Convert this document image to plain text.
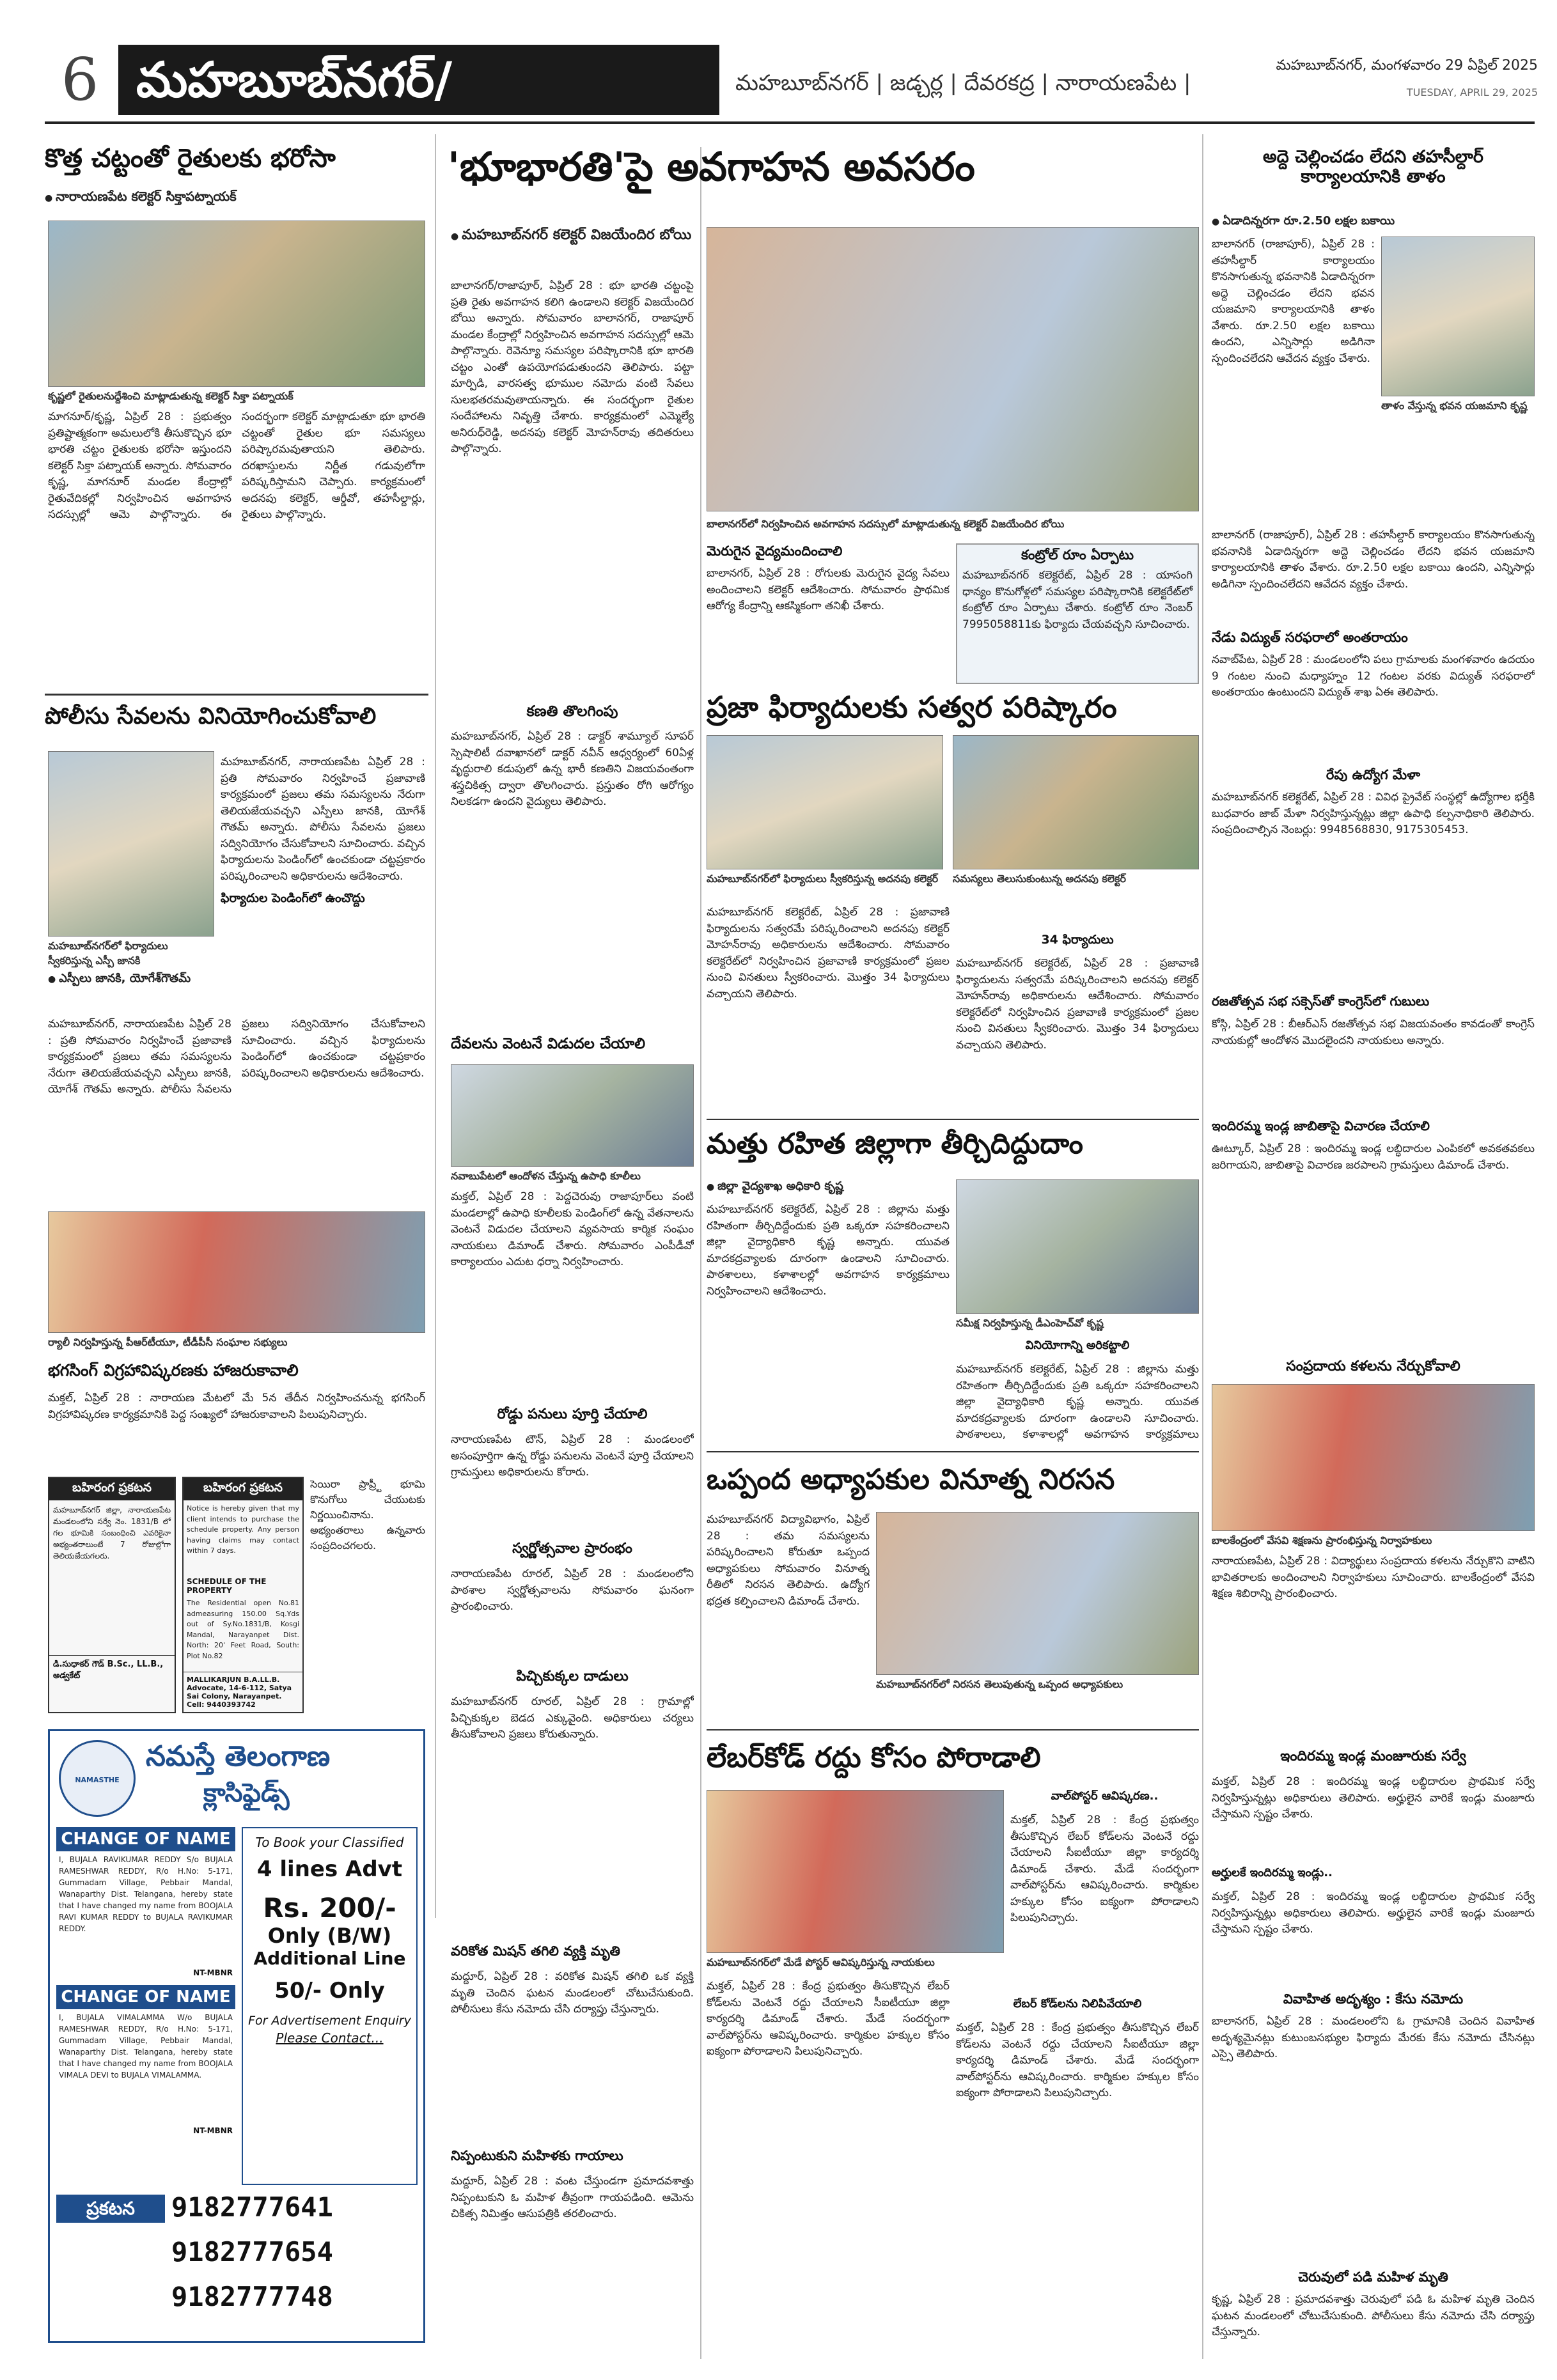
6 మహబూబ్‌నగర్/	మహబూబ్‌నగర్ | జడ్చర్ల | దేవరకద్ర | నారాయణపేట |
మహబూబ్‌నగర్, మంగళవారం 29 ఏప్రిల్ 2025
TUESDAY, APRIL 29, 2025
కొత్త చట్టంతో రైతులకు భరోసా
● నారాయణపేట కలెక్టర్ సిక్తాపట్నాయక్
కృష్ణలో రైతులనుద్దేశించి మాట్లాడుతున్న కలెక్టర్ సిక్తా పట్నాయక్
మాగనూర్/కృష్ణ, ఏప్రిల్ 28 : ప్రభుత్వం ప్రతిష్టాత్మకంగా అమలులోకి తీసుకొచ్చిన భూ భారతి చట్టం రైతులకు భరోసా ఇస్తుందని కలెక్టర్ సిక్తా పట్నాయక్ అన్నారు. సోమవారం కృష్ణ, మాగనూర్ మండల కేంద్రాల్లో రైతువేదికల్లో నిర్వహించిన అవగాహన సదస్సుల్లో ఆమె పాల్గొన్నారు. ఈ సందర్భంగా కలెక్టర్ మాట్లాడుతూ భూ భారతి చట్టంతో రైతుల భూ సమస్యలు పరిష్కారమవుతాయని తెలిపారు. దరఖాస్తులను నిర్ణీత గడువులోగా పరిష్కరిస్తామని చెప్పారు. కార్యక్రమంలో అదనపు కలెక్టర్, ఆర్డీవో, తహసీల్దార్లు, రైతులు పాల్గొన్నారు.
పోలీసు సేవలను వినియోగించుకోవాలి
మహబూబ్‌నగర్‌లో ఫిర్యాదులు స్వీకరిస్తున్న ఎస్పీ జానకి
● ఎస్పీలు జానకి, యోగేశ్‌గౌతమ్
ఫిర్యాదుల పెండింగ్‌లో ఉంచొద్దు
మహబూబ్‌నగర్, నారాయణపేట ఏప్రిల్ 28 : ప్రతి సోమవారం నిర్వహించే ప్రజావాణి కార్యక్రమంలో ప్రజలు తమ సమస్యలను నేరుగా తెలియజేయవచ్చని ఎస్పీలు జానకి, యోగేశ్ గౌతమ్ అన్నారు. పోలీసు సేవలను ప్రజలు సద్వినియోగం చేసుకోవాలని సూచించారు. వచ్చిన ఫిర్యాదులను పెండింగ్‌లో ఉంచకుండా చట్టప్రకారం పరిష్కరించాలని అధికారులను ఆదేశించారు.
మహబూబ్‌నగర్, నారాయణపేట ఏప్రిల్ 28 : ప్రతి సోమవారం నిర్వహించే ప్రజావాణి కార్యక్రమంలో ప్రజలు తమ సమస్యలను నేరుగా తెలియజేయవచ్చని ఎస్పీలు జానకి, యోగేశ్ గౌతమ్ అన్నారు. పోలీసు సేవలను ప్రజలు సద్వినియోగం చేసుకోవాలని సూచించారు. వచ్చిన ఫిర్యాదులను పెండింగ్‌లో ఉంచకుండా చట్టప్రకారం పరిష్కరించాలని అధికారులను ఆదేశించారు.
ర్యాలీ నిర్వహిస్తున్న పీఆర్‌టీయూ, టీడీపీసీ సంఘాల సభ్యులు
భగసింగ్ విగ్రహావిష్కరణకు హాజరుకావాలి
మక్తల్, ఏప్రిల్ 28 : నారాయణ మేటలో మే 5న తేదీన నిర్వహించనున్న భగసింగ్ విగ్రహావిష్కరణ కార్యక్రమానికి పెద్ద సంఖ్యలో హాజరుకావాలని పిలుపునిచ్చారు.
బహిరంగ ప్రకటన
మహబూబ్‌నగర్ జిల్లా, నారాయణపేట మండలంలోని సర్వే నెం. 1831/B లో గల భూమికి సంబంధించి ఎవరికైనా అభ్యంతరాలుంటే 7 రోజుల్లోగా తెలియజేయగలరు.
డి.సుధాకర్ గౌడ్ B.Sc., LL.B., అడ్వకేట్
బహిరంగ ప్రకటన
Notice is hereby given that my client intends to purchase the schedule property. Any person having claims may contact within 7 days.
SCHEDULE OF THE PROPERTY
The Residential open No.81 admeasuring 150.00 Sq.Yds out of Sy.No.1831/B, Kosgi Mandal, Narayanpet Dist. North: 20' Feet Road, South: Plot No.82
MALLIKARJUN B.A.LL.B. Advocate, 14-6-112, Satya Sai Colony, Narayanpet. Cell: 9440393742
సెయిరా ప్రాప్ర్టీ భూమి కొనుగోలు చేయుటకు నిర్ణయించినాను. అభ్యంతరాలు ఉన్నవారు సంప్రదించగలరు.
NAMASTHE
నమస్తే తెలంగాణ
క్లాసిఫైడ్స్
CHANGE OF NAME
I, BUJALA RAVIKUMAR REDDY S/o BUJALA RAMESHWAR REDDY, R/o H.No: 5-171, Gummadam Village, Pebbair Mandal, Wanaparthy Dist. Telangana, hereby state that I have changed my name from BOOJALA RAVI KUMAR REDDY to BUJALA RAVIKUMAR REDDY.
NT-MBNR
CHANGE OF NAME
I, BUJALA VIMALAMMA W/o BUJALA RAMESHWAR REDDY, R/o H.No: 5-171, Gummadam Village, Pebbair Mandal, Wanaparthy Dist. Telangana, hereby state that I have changed my name from BOOJALA VIMALA DEVI to BUJALA VIMALAMMA.
NT-MBNR
To Book your Classified
4 lines Advt
Rs. 200/-
Only (B/W)
Additional Line
50/- Only
For Advertisement Enquiry
Please Contact...
ప్రకటన	9182777641
9182777654
9182777748
'భూభారతి'పై అవగాహన అవసరం
● మహబూబ్‌నగర్ కలెక్టర్ విజయేందిర బోయి
బాలానగర్/రాజాపూర్, ఏప్రిల్ 28 : భూ భారతి చట్టంపై ప్రతి రైతు అవగాహన కలిగి ఉండాలని కలెక్టర్ విజయేందిర బోయి అన్నారు. సోమవారం బాలానగర్, రాజాపూర్ మండల కేంద్రాల్లో నిర్వహించిన అవగాహన సదస్సుల్లో ఆమె పాల్గొన్నారు. రెవెన్యూ సమస్యల పరిష్కారానికి భూ భారతి చట్టం ఎంతో ఉపయోగపడుతుందని తెలిపారు. పట్టా మార్పిడి, వారసత్వ భూముల నమోదు వంటి సేవలు సులభతరమవుతాయన్నారు. ఈ సందర్భంగా రైతుల సందేహాలను నివృత్తి చేశారు. కార్యక్రమంలో ఎమ్మెల్యే అనిరుధ్‌రెడ్డి, అదనపు కలెక్టర్ మోహన్‌రావు తదితరులు పాల్గొన్నారు.
బాలానగర్‌లో నిర్వహించిన అవగాహన సదస్సులో మాట్లాడుతున్న కలెక్టర్ విజయేందిర బోయి
కణతి తొలగింపు
మహబూబ్‌నగర్, ఏప్రిల్ 28 : డాక్టర్ శామ్యూల్ సూపర్ స్పెషాలిటీ దవాఖానలో డాక్టర్ నవీన్ ఆధ్వర్యంలో 60ఏళ్ల వృద్ధురాలి కడుపులో ఉన్న భారీ కణతిని విజయవంతంగా శస్త్రచికిత్స ద్వారా తొలగించారు. ప్రస్తుతం రోగి ఆరోగ్యం నిలకడగా ఉందని వైద్యులు తెలిపారు.
దేవలను వెంటనే విడుదల చేయాలి
నవాబుపేటలో ఆందోళన చేస్తున్న ఉపాధి కూలీలు
మక్తల్, ఏప్రిల్ 28 : పెద్దచెరువు రాజాపూర్‌లు వంటి మండలాల్లో ఉపాధి కూలీలకు పెండింగ్‌లో ఉన్న వేతనాలను వెంటనే విడుదల చేయాలని వ్యవసాయ కార్మిక సంఘం నాయకులు డిమాండ్ చేశారు. సోమవారం ఎంపీడీవో కార్యాలయం ఎదుట ధర్నా నిర్వహించారు.
రోడ్డు పనులు పూర్తి చేయాలి
నారాయణపేట టౌన్, ఏప్రిల్ 28 : మండలంలో అసంపూర్తిగా ఉన్న రోడ్డు పనులను వెంటనే పూర్తి చేయాలని గ్రామస్తులు అధికారులను కోరారు.
స్వర్ణోత్సవాల ప్రారంభం
నారాయణపేట రూరల్, ఏప్రిల్ 28 : మండలంలోని పాఠశాల స్వర్ణోత్సవాలను సోమవారం ఘనంగా ప్రారంభించారు.
పిచ్చికుక్కల దాడులు
మహబూబ్‌నగర్ రూరల్, ఏప్రిల్ 28 : గ్రామాల్లో పిచ్చికుక్కల బెడద ఎక్కువైంది. అధికారులు చర్యలు తీసుకోవాలని ప్రజలు కోరుతున్నారు.
వరికోత మిషన్ తగిలి వ్యక్తి మృతి
మద్దూర్, ఏప్రిల్ 28 : వరికోత మిషన్ తగిలి ఒక వ్యక్తి మృతి చెందిన ఘటన మండలంలో చోటుచేసుకుంది. పోలీసులు కేసు నమోదు చేసి దర్యాప్తు చేస్తున్నారు.
నిప్పంటుకుని మహిళకు గాయాలు
మద్దూర్, ఏప్రిల్ 28 : వంట చేస్తుండగా ప్రమాదవశాత్తు నిప్పంటుకుని ఓ మహిళ తీవ్రంగా గాయపడింది. ఆమెను చికిత్స నిమిత్తం ఆసుపత్రికి తరలించారు.
మెరుగైన వైద్యమందించాలి
బాలానగర్, ఏప్రిల్ 28 : రోగులకు మెరుగైన వైద్య సేవలు అందించాలని కలెక్టర్ ఆదేశించారు. సోమవారం ప్రాథమిక ఆరోగ్య కేంద్రాన్ని ఆకస్మికంగా తనిఖీ చేశారు.
కంట్రోల్ రూం ఏర్పాటు
మహబూబ్‌నగర్ కలెక్టరేట్, ఏప్రిల్ 28 : యాసంగి ధాన్యం కొనుగోళ్లలో సమస్యల పరిష్కారానికి కలెక్టరేట్‌లో కంట్రోల్ రూం ఏర్పాటు చేశారు. కంట్రోల్ రూం నెంబర్ 7995058811కు ఫిర్యాదు చేయవచ్చని సూచించారు.
ప్రజా ఫిర్యాదులకు సత్వర పరిష్కారం
మహబూబ్‌నగర్‌లో ఫిర్యాదులు స్వీకరిస్తున్న అదనపు కలెక్టర్	సమస్యలు తెలుసుకుంటున్న అదనపు కలెక్టర్
మహబూబ్‌నగర్ కలెక్టరేట్, ఏప్రిల్ 28 : ప్రజావాణి ఫిర్యాదులను సత్వరమే పరిష్కరించాలని అదనపు కలెక్టర్ మోహన్‌రావు అధికారులను ఆదేశించారు. సోమవారం కలెక్టరేట్‌లో నిర్వహించిన ప్రజావాణి కార్యక్రమంలో ప్రజల నుంచి వినతులు స్వీకరించారు. మొత్తం 34 ఫిర్యాదులు వచ్చాయని తెలిపారు.
34 ఫిర్యాదులు
మహబూబ్‌నగర్ కలెక్టరేట్, ఏప్రిల్ 28 : ప్రజావాణి ఫిర్యాదులను సత్వరమే పరిష్కరించాలని అదనపు కలెక్టర్ మోహన్‌రావు అధికారులను ఆదేశించారు. సోమవారం కలెక్టరేట్‌లో నిర్వహించిన ప్రజావాణి కార్యక్రమంలో ప్రజల నుంచి వినతులు స్వీకరించారు. మొత్తం 34 ఫిర్యాదులు వచ్చాయని తెలిపారు.
మత్తు రహిత జిల్లాగా తీర్చిదిద్దుదాం
● జిల్లా వైద్యశాఖ అధికారి కృష్ణ
మహబూబ్‌నగర్ కలెక్టరేట్, ఏప్రిల్ 28 : జిల్లాను మత్తు రహితంగా తీర్చిదిద్దేందుకు ప్రతి ఒక్కరూ సహకరించాలని జిల్లా వైద్యాధికారి కృష్ణ అన్నారు. యువత మాదకద్రవ్యాలకు దూరంగా ఉండాలని సూచించారు. పాఠశాలలు, కళాశాలల్లో అవగాహన కార్యక్రమాలు నిర్వహించాలని ఆదేశించారు.
సమీక్ష నిర్వహిస్తున్న డీఎంహెచ్‌వో కృష్ణ
వినియోగాన్ని అరికట్టాలి
మహబూబ్‌నగర్ కలెక్టరేట్, ఏప్రిల్ 28 : జిల్లాను మత్తు రహితంగా తీర్చిదిద్దేందుకు ప్రతి ఒక్కరూ సహకరించాలని జిల్లా వైద్యాధికారి కృష్ణ అన్నారు. యువత మాదకద్రవ్యాలకు దూరంగా ఉండాలని సూచించారు. పాఠశాలలు, కళాశాలల్లో అవగాహన కార్యక్రమాలు
ఒప్పంద అధ్యాపకుల వినూత్న నిరసన
మహబూబ్‌నగర్ విద్యావిభాగం, ఏప్రిల్ 28 : తమ సమస్యలను పరిష్కరించాలని కోరుతూ ఒప్పంద అధ్యాపకులు సోమవారం వినూత్న రీతిలో నిరసన తెలిపారు. ఉద్యోగ భద్రత కల్పించాలని డిమాండ్ చేశారు.
మహబూబ్‌నగర్‌లో నిరసన తెలుపుతున్న ఒప్పంద అధ్యాపకులు
లేబర్‌కోడ్ రద్దు కోసం పోరాడాలి
మహబూబ్‌నగర్‌లో మేడే పోస్టర్ ఆవిష్కరిస్తున్న నాయకులు
వాల్‌పోస్టర్ ఆవిష్కరణ..
మక్తల్, ఏప్రిల్ 28 : కేంద్ర ప్రభుత్వం తీసుకొచ్చిన లేబర్ కోడ్‌లను వెంటనే రద్దు చేయాలని సీఐటీయూ జిల్లా కార్యదర్శి డిమాండ్ చేశారు. మేడే సందర్భంగా వాల్‌పోస్టర్‌ను ఆవిష్కరించారు. కార్మికుల హక్కుల కోసం ఐక్యంగా పోరాడాలని పిలుపునిచ్చారు.
మక్తల్, ఏప్రిల్ 28 : కేంద్ర ప్రభుత్వం తీసుకొచ్చిన లేబర్ కోడ్‌లను వెంటనే రద్దు చేయాలని సీఐటీయూ జిల్లా కార్యదర్శి డిమాండ్ చేశారు. మేడే సందర్భంగా వాల్‌పోస్టర్‌ను ఆవిష్కరించారు. కార్మికుల హక్కుల కోసం ఐక్యంగా పోరాడాలని పిలుపునిచ్చారు.
లేబర్ కోడ్‌లను నిలిపివేయాలి
మక్తల్, ఏప్రిల్ 28 : కేంద్ర ప్రభుత్వం తీసుకొచ్చిన లేబర్ కోడ్‌లను వెంటనే రద్దు చేయాలని సీఐటీయూ జిల్లా కార్యదర్శి డిమాండ్ చేశారు. మేడే సందర్భంగా వాల్‌పోస్టర్‌ను ఆవిష్కరించారు. కార్మికుల హక్కుల కోసం ఐక్యంగా పోరాడాలని పిలుపునిచ్చారు.
అద్దె చెల్లించడం లేదని తహసీల్దార్ కార్యాలయానికి తాళం
● ఏడాదిన్నరగా రూ.2.50 లక్షల బకాయి
బాలానగర్ (రాజాపూర్), ఏప్రిల్ 28 : తహసీల్దార్ కార్యాలయం కొనసాగుతున్న భవనానికి ఏడాదిన్నరగా అద్దె చెల్లించడం లేదని భవన యజమాని కార్యాలయానికి తాళం వేశారు. రూ.2.50 లక్షల బకాయి ఉందని, ఎన్నిసార్లు అడిగినా స్పందించలేదని ఆవేదన వ్యక్తం చేశారు.
తాళం వేస్తున్న భవన యజమాని కృష్ణ
బాలానగర్ (రాజాపూర్), ఏప్రిల్ 28 : తహసీల్దార్ కార్యాలయం కొనసాగుతున్న భవనానికి ఏడాదిన్నరగా అద్దె చెల్లించడం లేదని భవన యజమాని కార్యాలయానికి తాళం వేశారు. రూ.2.50 లక్షల బకాయి ఉందని, ఎన్నిసార్లు అడిగినా స్పందించలేదని ఆవేదన వ్యక్తం చేశారు.
నేడు విద్యుత్ సరఫరాలో అంతరాయం
నవాబ్‌పేట, ఏప్రిల్ 28 : మండలంలోని పలు గ్రామాలకు మంగళవారం ఉదయం 9 గంటల నుంచి మధ్యాహ్నం 12 గంటల వరకు విద్యుత్ సరఫరాలో అంతరాయం ఉంటుందని విద్యుత్ శాఖ ఏఈ తెలిపారు.
రేపు ఉద్యోగ మేళా
మహబూబ్‌నగర్ కలెక్టరేట్, ఏప్రిల్ 28 : వివిధ ప్రైవేట్ సంస్థల్లో ఉద్యోగాల భర్తీకి బుధవారం జాబ్ మేళా నిర్వహిస్తున్నట్లు జిల్లా ఉపాధి కల్పనాధికారి తెలిపారు. సంప్రదించాల్సిన నెంబర్లు: 9948568830, 9175305453.
రజతోత్సవ సభ సక్సెస్‌తో కాంగ్రెస్‌లో గుబులు
కోస్గి, ఏప్రిల్ 28 : బీఆర్ఎస్ రజతోత్సవ సభ విజయవంతం కావడంతో కాంగ్రెస్ నాయకుల్లో ఆందోళన మొదలైందని నాయకులు అన్నారు.
ఇందిరమ్మ ఇండ్ల జాబితాపై విచారణ చేయాలి
ఊట్కూర్, ఏప్రిల్ 28 : ఇందిరమ్మ ఇండ్ల లబ్ధిదారుల ఎంపికలో అవకతవకలు జరిగాయని, జాబితాపై విచారణ జరపాలని గ్రామస్తులు డిమాండ్ చేశారు.
సంప్రదాయ కళలను నేర్చుకోవాలి
బాలకేంద్రంలో వేసవి శిక్షణను ప్రారంభిస్తున్న నిర్వాహకులు
నారాయణపేట, ఏప్రిల్ 28 : విద్యార్థులు సంప్రదాయ కళలను నేర్చుకొని వాటిని భావితరాలకు అందించాలని నిర్వాహకులు సూచించారు. బాలకేంద్రంలో వేసవి శిక్షణ శిబిరాన్ని ప్రారంభించారు.
ఇందిరమ్మ ఇండ్ల మంజూరుకు సర్వే
మక్తల్, ఏప్రిల్ 28 : ఇందిరమ్మ ఇండ్ల లబ్ధిదారుల ప్రాథమిక సర్వే నిర్వహిస్తున్నట్లు అధికారులు తెలిపారు. అర్హులైన వారికే ఇండ్లు మంజూరు చేస్తామని స్పష్టం చేశారు.
అర్హులకే ఇందిరమ్మ ఇండ్లు..
మక్తల్, ఏప్రిల్ 28 : ఇందిరమ్మ ఇండ్ల లబ్ధిదారుల ప్రాథమిక సర్వే నిర్వహిస్తున్నట్లు అధికారులు తెలిపారు. అర్హులైన వారికే ఇండ్లు మంజూరు చేస్తామని స్పష్టం చేశారు.
వివాహిత అదృశ్యం : కేసు నమోదు
బాలానగర్, ఏప్రిల్ 28 : మండలంలోని ఓ గ్రామానికి చెందిన వివాహిత అదృశ్యమైనట్లు కుటుంబసభ్యుల ఫిర్యాదు మేరకు కేసు నమోదు చేసినట్లు ఎస్సై తెలిపారు.
చెరువులో పడి మహిళ మృతి
కృష్ణ, ఏప్రిల్ 28 : ప్రమాదవశాత్తు చెరువులో పడి ఓ మహిళ మృతి చెందిన ఘటన మండలంలో చోటుచేసుకుంది. పోలీసులు కేసు నమోదు చేసి దర్యాప్తు చేస్తున్నారు.
